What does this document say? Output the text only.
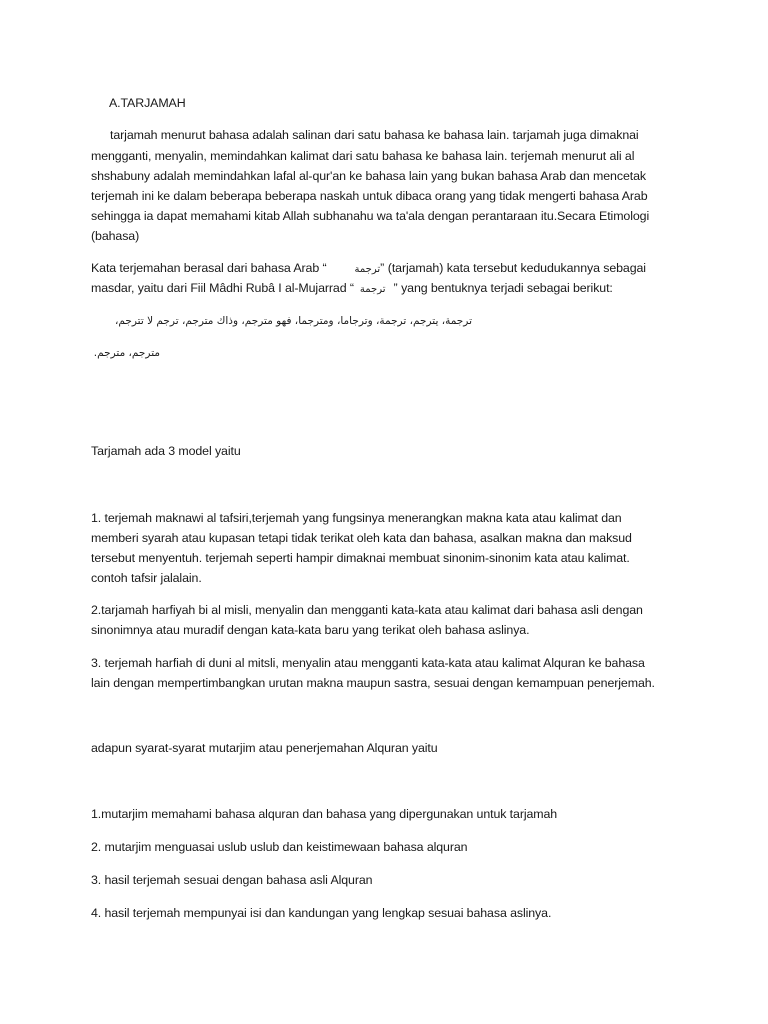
A.TARJAMAH
tarjamah menurut bahasa adalah salinan dari satu bahasa ke bahasa lain. tarjamah juga dimaknai
mengganti, menyalin, memindahkan kalimat dari satu bahasa ke bahasa lain. terjemah menurut ali al
shshabuny adalah memindahkan lafal al-qur'an ke bahasa lain yang bukan bahasa Arab dan mencetak
terjemah ini ke dalam beberapa beberapa naskah untuk dibaca orang yang tidak mengerti bahasa Arab
sehingga ia dapat memahami kitab Allah subhanahu wa ta'ala dengan perantaraan itu.Secara Etimologi
(bahasa)
Kata terjemahan berasal dari bahasa Arab “	ترجمة” (tarjamah) kata tersebut kedudukannya sebagai
masdar, yaitu dari Fiil Mâdhi Rubâ I al-Mujarrad “ ترجمة ” yang bentuknya terjadi sebagai berikut:
ترجمة، يترجم، ترجمة، وترجاما، ومترجما، فهو مترجم، وذاك مترجم، ترجم لا تترجم،
مترجم، مترجم.
Tarjamah ada 3 model yaitu
1. terjemah maknawi al tafsiri,terjemah yang fungsinya menerangkan makna kata atau kalimat dan
memberi syarah atau kupasan tetapi tidak terikat oleh kata dan bahasa, asalkan makna dan maksud
tersebut menyentuh. terjemah seperti hampir dimaknai membuat sinonim-sinonim kata atau kalimat.
contoh tafsir jalalain.
2.tarjamah harfiyah bi al misli, menyalin dan mengganti kata-kata atau kalimat dari bahasa asli dengan
sinonimnya atau muradif dengan kata-kata baru yang terikat oleh bahasa aslinya.
3. terjemah harfiah di duni al mitsli, menyalin atau mengganti kata-kata atau kalimat Alquran ke bahasa
lain dengan mempertimbangkan urutan makna maupun sastra, sesuai dengan kemampuan penerjemah.
adapun syarat-syarat mutarjim atau penerjemahan Alquran yaitu
1.mutarjim memahami bahasa alquran dan bahasa yang dipergunakan untuk tarjamah
2. mutarjim menguasai uslub uslub dan keistimewaan bahasa alquran
3. hasil terjemah sesuai dengan bahasa asli Alquran
4. hasil terjemah mempunyai isi dan kandungan yang lengkap sesuai bahasa aslinya.
